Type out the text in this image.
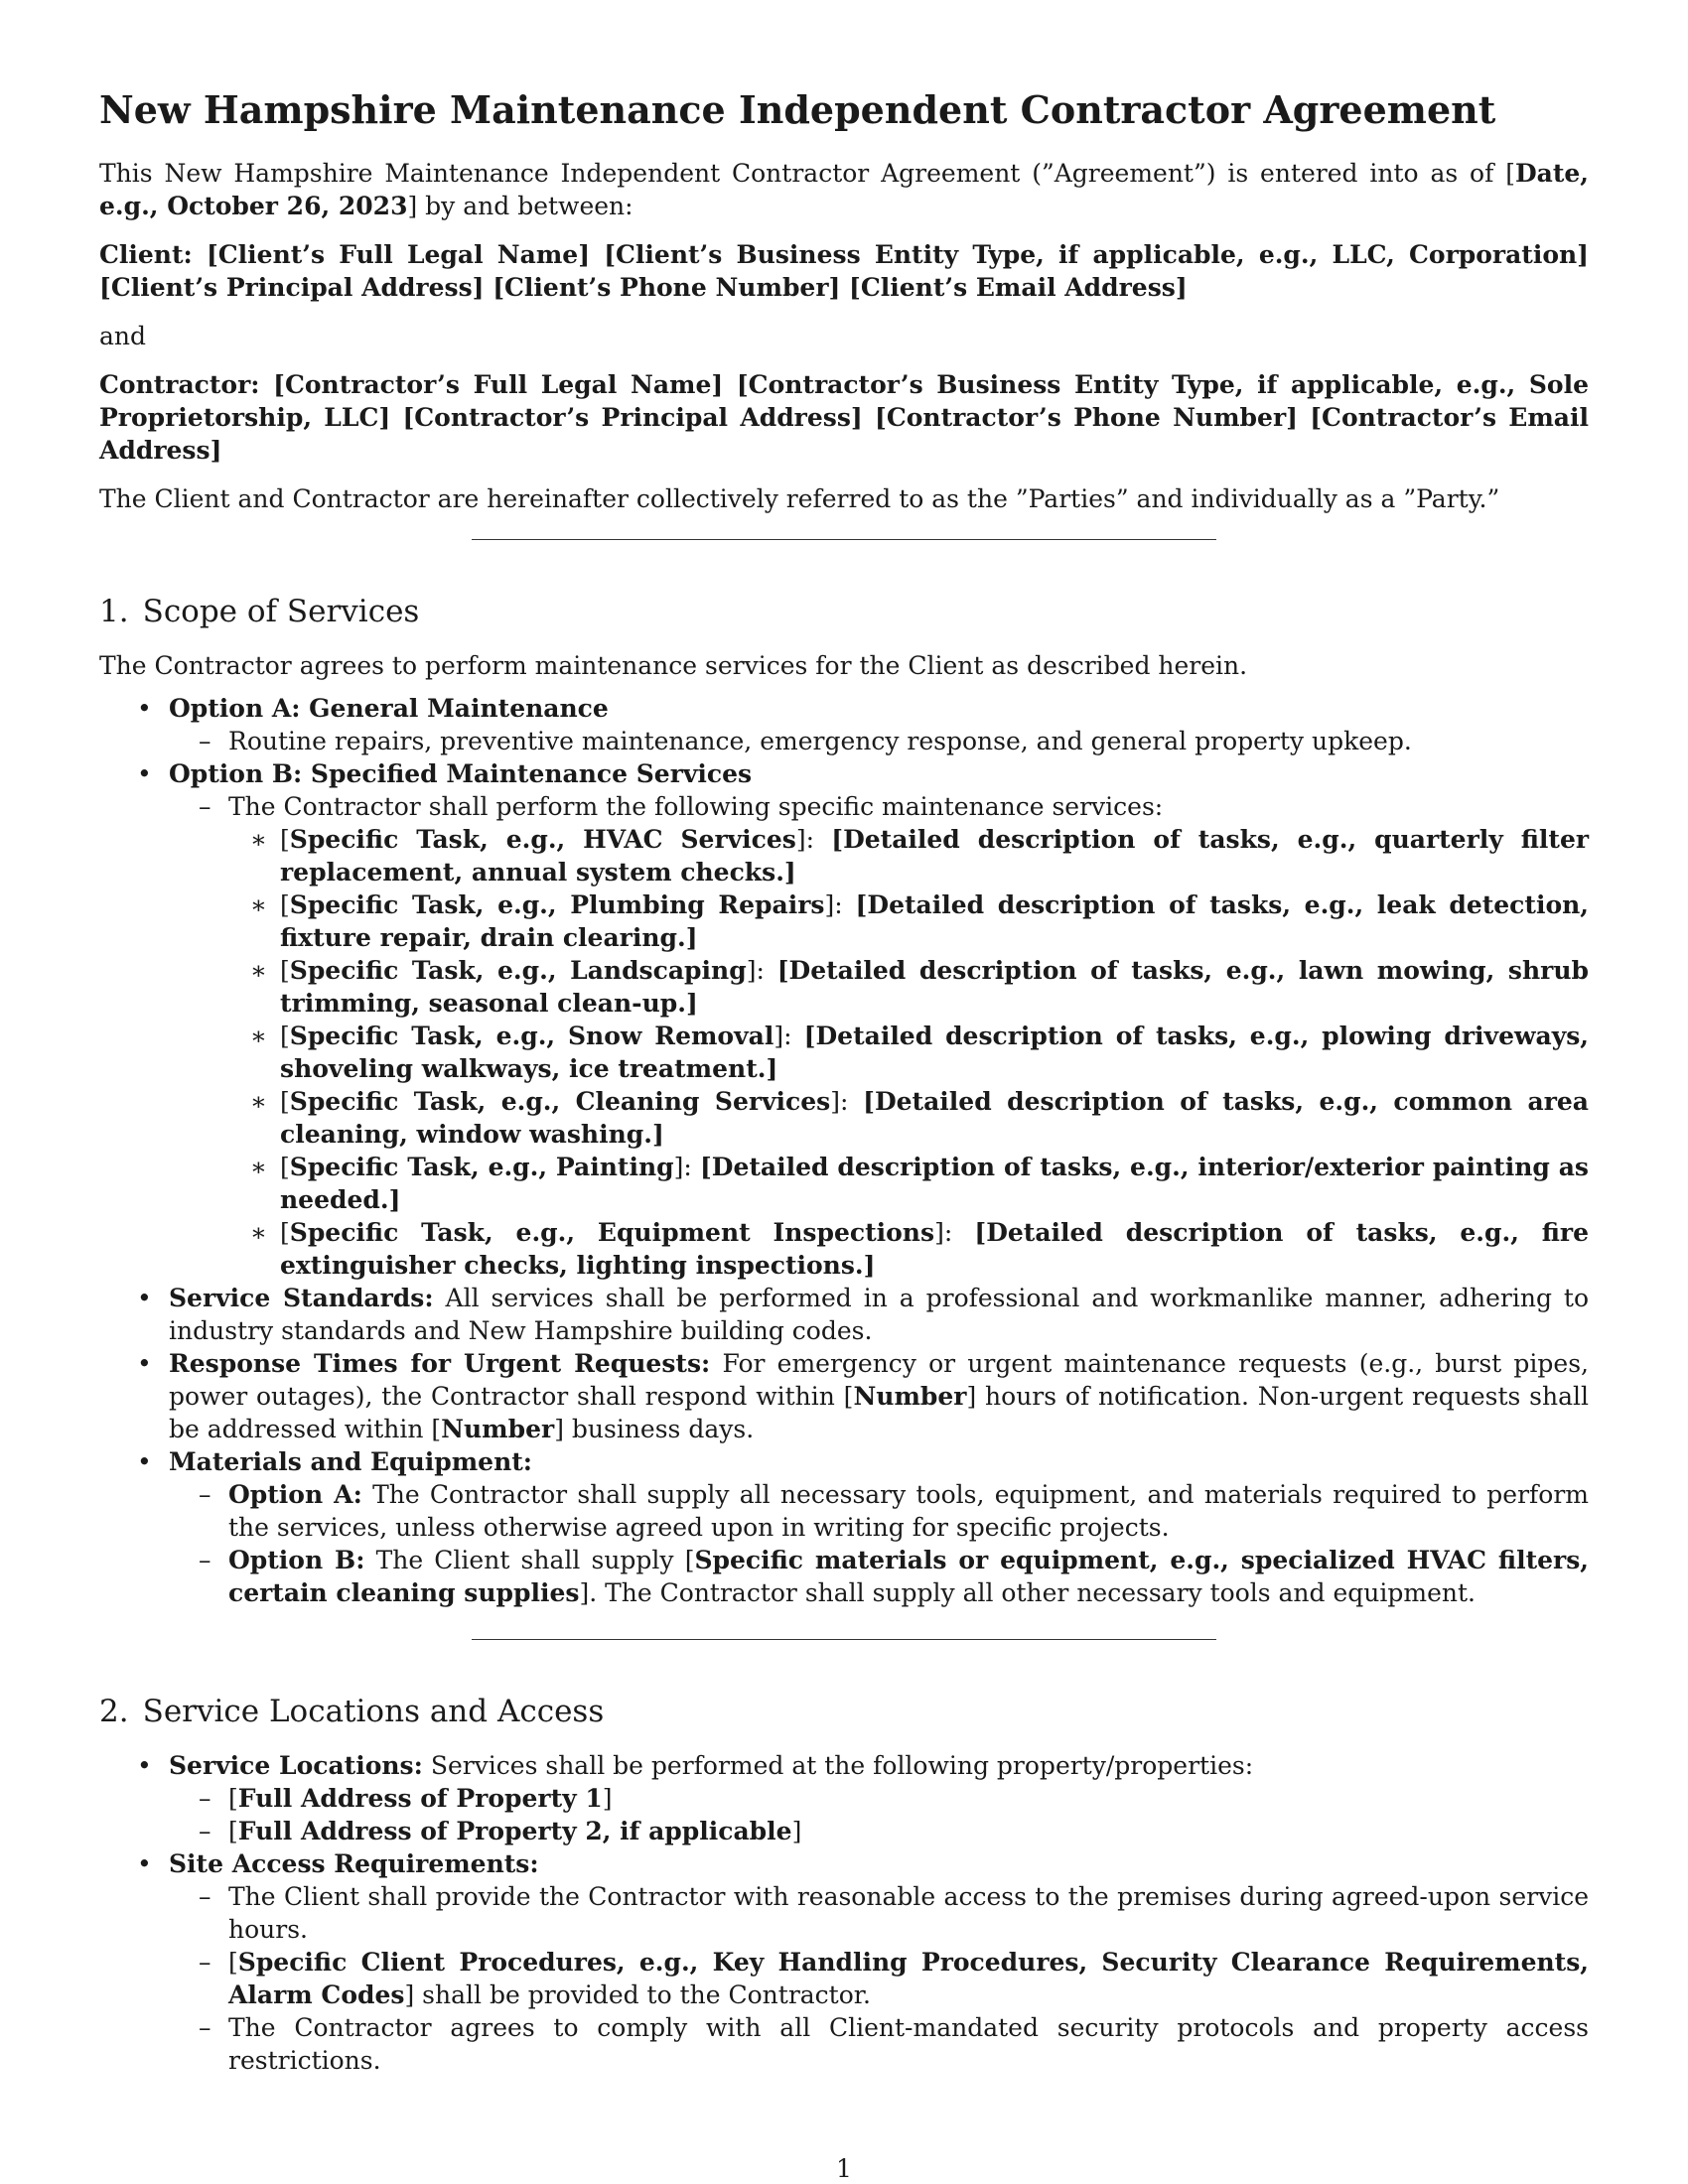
New Hampshire Maintenance Independent Contractor Agreement

This New Hampshire Maintenance Independent Contractor Agreement (”Agreement”) is entered into as of [Date, e.g., October 26, 2023] by and between:

Client: [Client’s Full Legal Name] [Client’s Business Entity Type, if applicable, e.g., LLC, Corporation] [Client’s Principal Address] [Client’s Phone Number] [Client’s Email Address]

and

Contractor: [Contractor’s Full Legal Name] [Contractor’s Business Entity Type, if applicable, e.g., Sole Proprietorship, LLC] [Contractor’s Principal Address] [Contractor’s Phone Number] [Contractor’s Email Address]

The Client and Contractor are hereinafter collectively referred to as the ”Parties” and individually as a ”Party.”

1. Scope of Services

The Contractor agrees to perform maintenance services for the Client as described herein.

• Option A: General Maintenance
– Routine repairs, preventive maintenance, emergency response, and general property upkeep.
• Option B: Specified Maintenance Services
– The Contractor shall perform the following specific maintenance services:
∗ [Specific Task, e.g., HVAC Services]: [Detailed description of tasks, e.g., quarterly filter replacement, annual system checks.]
∗ [Specific Task, e.g., Plumbing Repairs]: [Detailed description of tasks, e.g., leak detection, fixture repair, drain clearing.]
∗ [Specific Task, e.g., Landscaping]: [Detailed description of tasks, e.g., lawn mowing, shrub trimming, seasonal clean-up.]
∗ [Specific Task, e.g., Snow Removal]: [Detailed description of tasks, e.g., plowing driveways, shoveling walkways, ice treatment.]
∗ [Specific Task, e.g., Cleaning Services]: [Detailed description of tasks, e.g., common area cleaning, window washing.]
∗ [Specific Task, e.g., Painting]: [Detailed description of tasks, e.g., interior/exterior painting as needed.]
∗ [Specific Task, e.g., Equipment Inspections]: [Detailed description of tasks, e.g., fire extinguisher checks, lighting inspections.]
• Service Standards: All services shall be performed in a professional and workmanlike manner, adhering to industry standards and New Hampshire building codes.
• Response Times for Urgent Requests: For emergency or urgent maintenance requests (e.g., burst pipes, power outages), the Contractor shall respond within [Number] hours of notification. Non-urgent requests shall be addressed within [Number] business days.
• Materials and Equipment:
– Option A: The Contractor shall supply all necessary tools, equipment, and materials required to perform the services, unless otherwise agreed upon in writing for specific projects.
– Option B: The Client shall supply [Specific materials or equipment, e.g., specialized HVAC filters, certain cleaning supplies]. The Contractor shall supply all other necessary tools and equipment.
2. Service Locations and Access
• Service Locations: Services shall be performed at the following property/properties:
– [Full Address of Property 1]
– [Full Address of Property 2, if applicable]
• Site Access Requirements:
– The Client shall provide the Contractor with reasonable access to the premises during agreed-upon service hours.
– [Specific Client Procedures, e.g., Key Handling Procedures, Security Clearance Requirements, Alarm Codes] shall be provided to the Contractor.
– The Contractor agrees to comply with all Client-mandated security protocols and property access restrictions.
1
